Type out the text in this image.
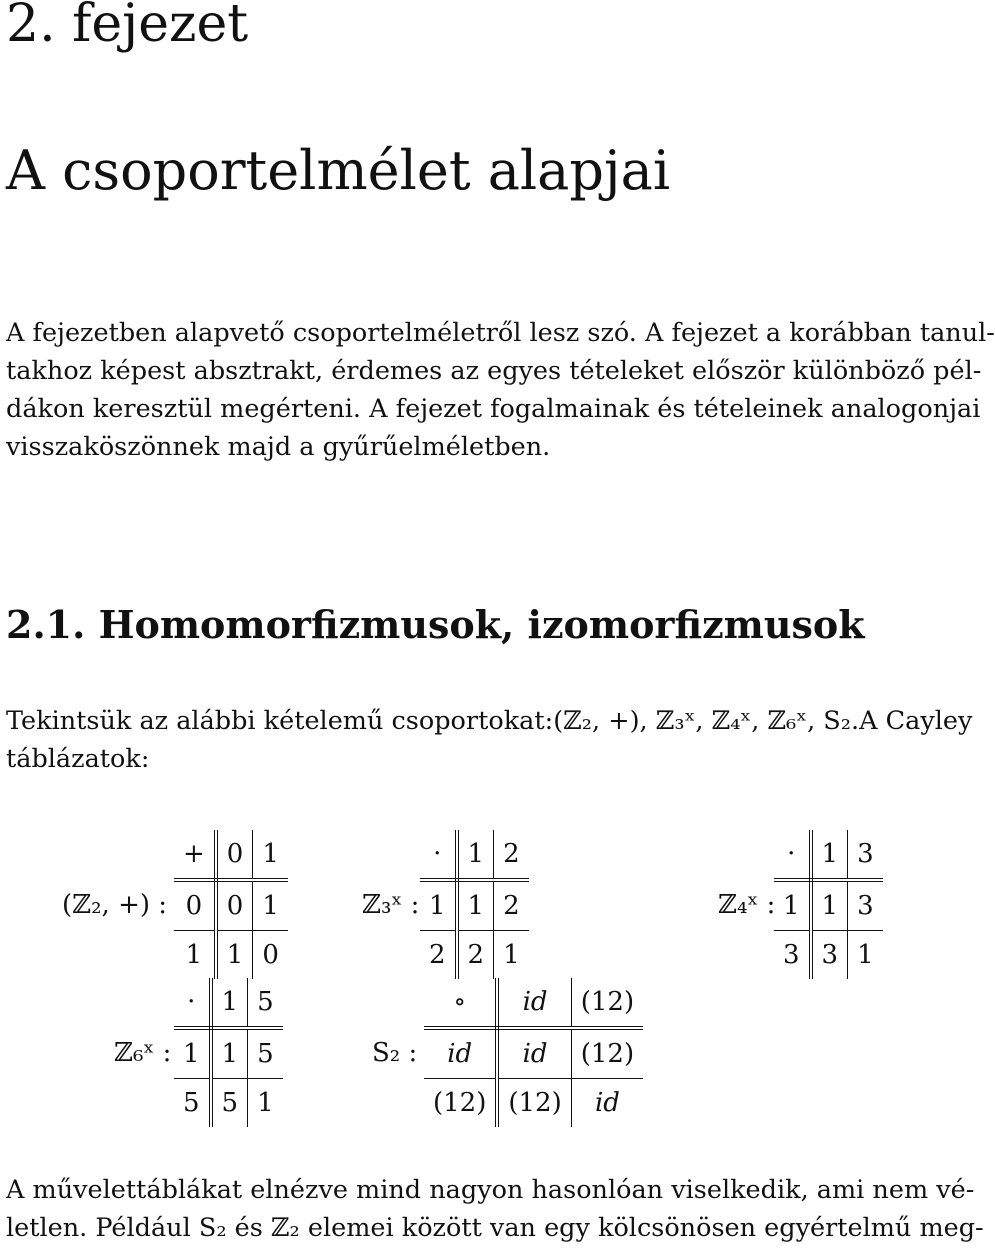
2. fejezet
A csoportelmélet alapjai
A fejezetben alapvető csoportelméletről lesz szó. A fejezet a korábban tanul-
takhoz képest absztrakt, érdemes az egyes tételeket először különböző pél-
dákon keresztül megérteni. A fejezet fogalmainak és tételeinek analogonjai
visszaköszönnek majd a gyűrűelméletben.
2.1. Homomorfizmusok, izomorfizmusok
Tekintsük az alábbi kételemű csoportokat: (ℤ₂, +), ℤ₃ˣ, ℤ₄ˣ, ℤ₆ˣ, S₂. A Cayley
táblázatok:
(ℤ₂, +) :
+	0	1
0	0	1
1	1	0
ℤ₃ˣ :
·	1	2
1	1	2
2	2	1
ℤ₄ˣ :
·	1	3
1	1	3
3	3	1
ℤ₆ˣ :
·	1	5
1	1	5
5	5	1
S₂ :
∘	id	(12)
id	id	(12)
(12)	(12)	id
A művelettáblákat elnézve mind nagyon hasonlóan viselkedik, ami nem vé-
letlen. Például S₂ és ℤ₂ elemei között van egy kölcsönösen egyértelmű meg-
